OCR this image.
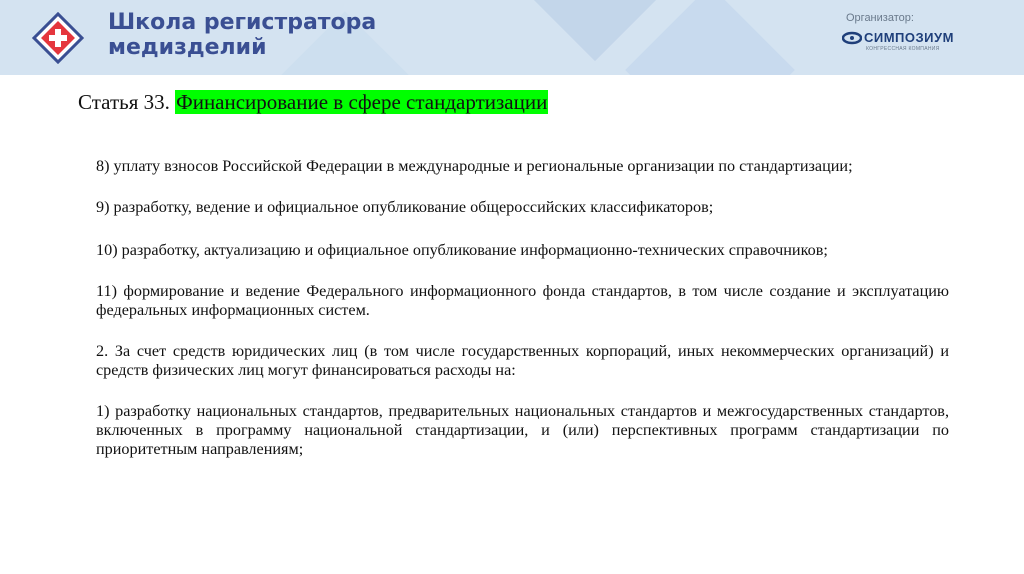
Школа регистратора
медизделий
Организатор:
СИМПОЗИУМ
КОНГРЕССНАЯ КОМПАНИЯ
Статья 33. Финансирование в сфере стандартизации

8) уплату взносов Российской Федерации в международные и региональные организации по стандартизации;

9) разработку, ведение и официальное опубликование общероссийских классификаторов;

10) разработку, актуализацию и официальное опубликование информационно-технических справочников;

11) формирование и ведение Федерального информационного фонда стандартов, в том числе создание и эксплуатацию федеральных информационных систем.

2. За счет средств юридических лиц (в том числе государственных корпораций, иных некоммерческих организаций) и средств физических лиц могут финансироваться расходы на:

1) разработку национальных стандартов, предварительных национальных стандартов и межгосударственных стандартов, включенных в программу национальной стандартизации, и (или) перспективных программ стандартизации по приоритетным направлениям;
